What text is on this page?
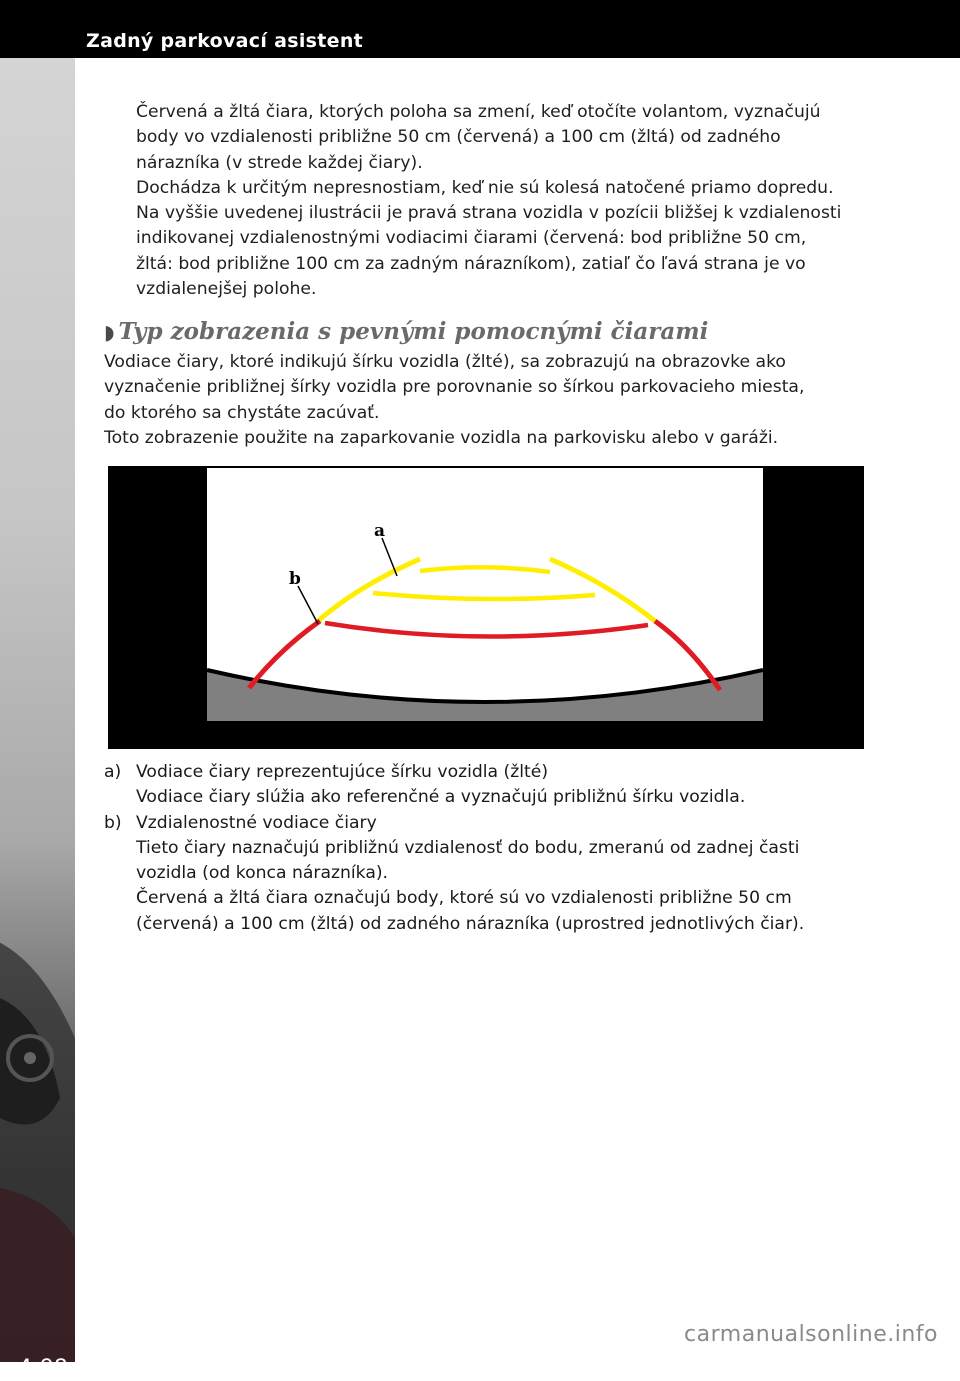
Zadný parkovací asistent
4-98
Červená a žltá čiara, ktorých poloha sa zmení, keď otočíte volantom, vyznačujú
body vo vzdialenosti približne 50 cm (červená) a 100 cm (žltá) od zadného
nárazníka (v strede každej čiary).
Dochádza k určitým nepresnostiam, keď nie sú kolesá natočené priamo dopredu.
Na vyššie uvedenej ilustrácii je pravá strana vozidla v pozícii bližšej k vzdialenosti
indikovanej vzdialenostnými vodiacimi čiarami (červená: bod približne 50 cm,
žltá: bod približne 100 cm za zadným nárazníkom), zatiaľ čo ľavá strana je vo
vzdialenejšej polohe.
◗ Typ zobrazenia s pevnými pomocnými čiarami
Vodiace čiary, ktoré indikujú šírku vozidla (žlté), sa zobrazujú na obrazovke ako
vyznačenie približnej šírky vozidla pre porovnanie so šírkou parkovacieho miesta,
do ktorého sa chystáte zacúvať.
Toto zobrazenie použite na zaparkovanie vozidla na parkovisku alebo v garáži.
a
b
a) Vodiace čiary reprezentujúce šírku vozidla (žlté)
Vodiace čiary slúžia ako referenčné a vyznačujú približnú šírku vozidla.
b) Vzdialenostné vodiace čiary
Tieto čiary naznačujú približnú vzdialenosť do bodu, zmeranú od zadnej časti
vozidla (od konca nárazníka).
Červená a žltá čiara označujú body, ktoré sú vo vzdialenosti približne 50 cm
(červená) a 100 cm (žltá) od zadného nárazníka (uprostred jednotlivých čiar).
carmanualsonline.info
